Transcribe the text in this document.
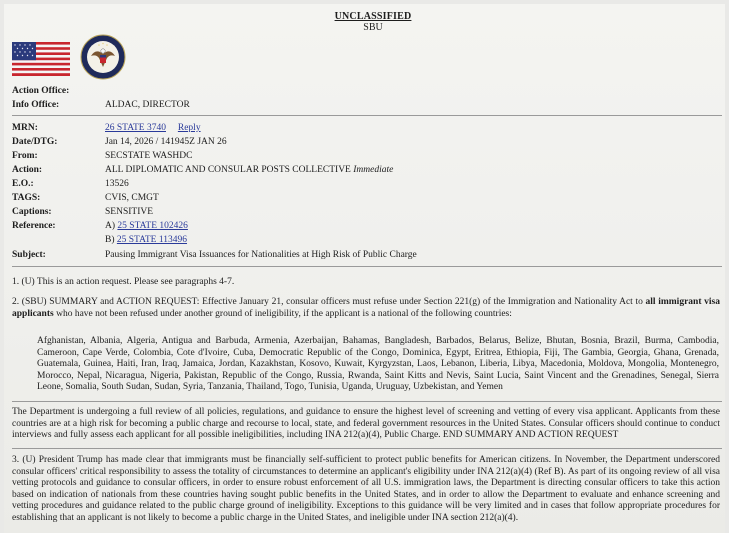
UNCLASSIFIED
SBU
Action Office:
Info Office:	ALDAC, DIRECTOR
MRN:	26 STATE 3740 Reply
Date/DTG:	Jan 14, 2026 / 141945Z JAN 26
From:	SECSTATE WASHDC
Action:	ALL DIPLOMATIC AND CONSULAR POSTS COLLECTIVE Immediate
E.O.:	13526
TAGS:	CVIS, CMGT
Captions:	SENSITIVE
Reference:	A) 25 STATE 102426
B) 25 STATE 113496
Subject:	Pausing Immigrant Visa Issuances for Nationalities at High Risk of Public Charge
1. (U) This is an action request. Please see paragraphs 4-7.
2. (SBU) SUMMARY and ACTION REQUEST: Effective January 21, consular officers must refuse under Section 221(g) of the Immigration and Nationality Act to all immigrant visa applicants who have not been refused under another ground of ineligibility, if the applicant is a national of the following countries:
Afghanistan, Albania, Algeria, Antigua and Barbuda, Armenia, Azerbaijan, Bahamas, Bangladesh, Barbados, Belarus, Belize, Bhutan, Bosnia, Brazil, Burma, Cambodia, Cameroon, Cape Verde, Colombia, Cote d'Ivoire, Cuba, Democratic Republic of the Congo, Dominica, Egypt, Eritrea, Ethiopia, Fiji, The Gambia, Georgia, Ghana, Grenada, Guatemala, Guinea, Haiti, Iran, Iraq, Jamaica, Jordan, Kazakhstan, Kosovo, Kuwait, Kyrgyzstan, Laos, Lebanon, Liberia, Libya, Macedonia, Moldova, Mongolia, Montenegro, Morocco, Nepal, Nicaragua, Nigeria, Pakistan, Republic of the Congo, Russia, Rwanda, Saint Kitts and Nevis, Saint Lucia, Saint Vincent and the Grenadines, Senegal, Sierra Leone, Somalia, South Sudan, Sudan, Syria, Tanzania, Thailand, Togo, Tunisia, Uganda, Uruguay, Uzbekistan, and Yemen
The Department is undergoing a full review of all policies, regulations, and guidance to ensure the highest level of screening and vetting of every visa applicant. Applicants from these countries are at a high risk for becoming a public charge and recourse to local, state, and federal government resources in the United States. Consular officers should continue to conduct interviews and fully assess each applicant for all possible ineligibilities, including INA 212(a)(4), Public Charge. END SUMMARY AND ACTION REQUEST
3. (U) President Trump has made clear that immigrants must be financially self-sufficient to protect public benefits for American citizens. In November, the Department underscored consular officers' critical responsibility to assess the totality of circumstances to determine an applicant's eligibility under INA 212(a)(4) (Ref B). As part of its ongoing review of all visa vetting protocols and guidance to consular officers, in order to ensure robust enforcement of all U.S. immigration laws, the Department is directing consular officers to take this action based on indication of nationals from these countries having sought public benefits in the United States, and in order to allow the Department to evaluate and enhance screening and vetting procedures and guidance related to the public charge ground of ineligibility. Exceptions to this guidance will be very limited and in cases that follow appropriate procedures for establishing that an applicant is not likely to become a public charge in the United States, and ineligible under INA section 212(a)(4).
